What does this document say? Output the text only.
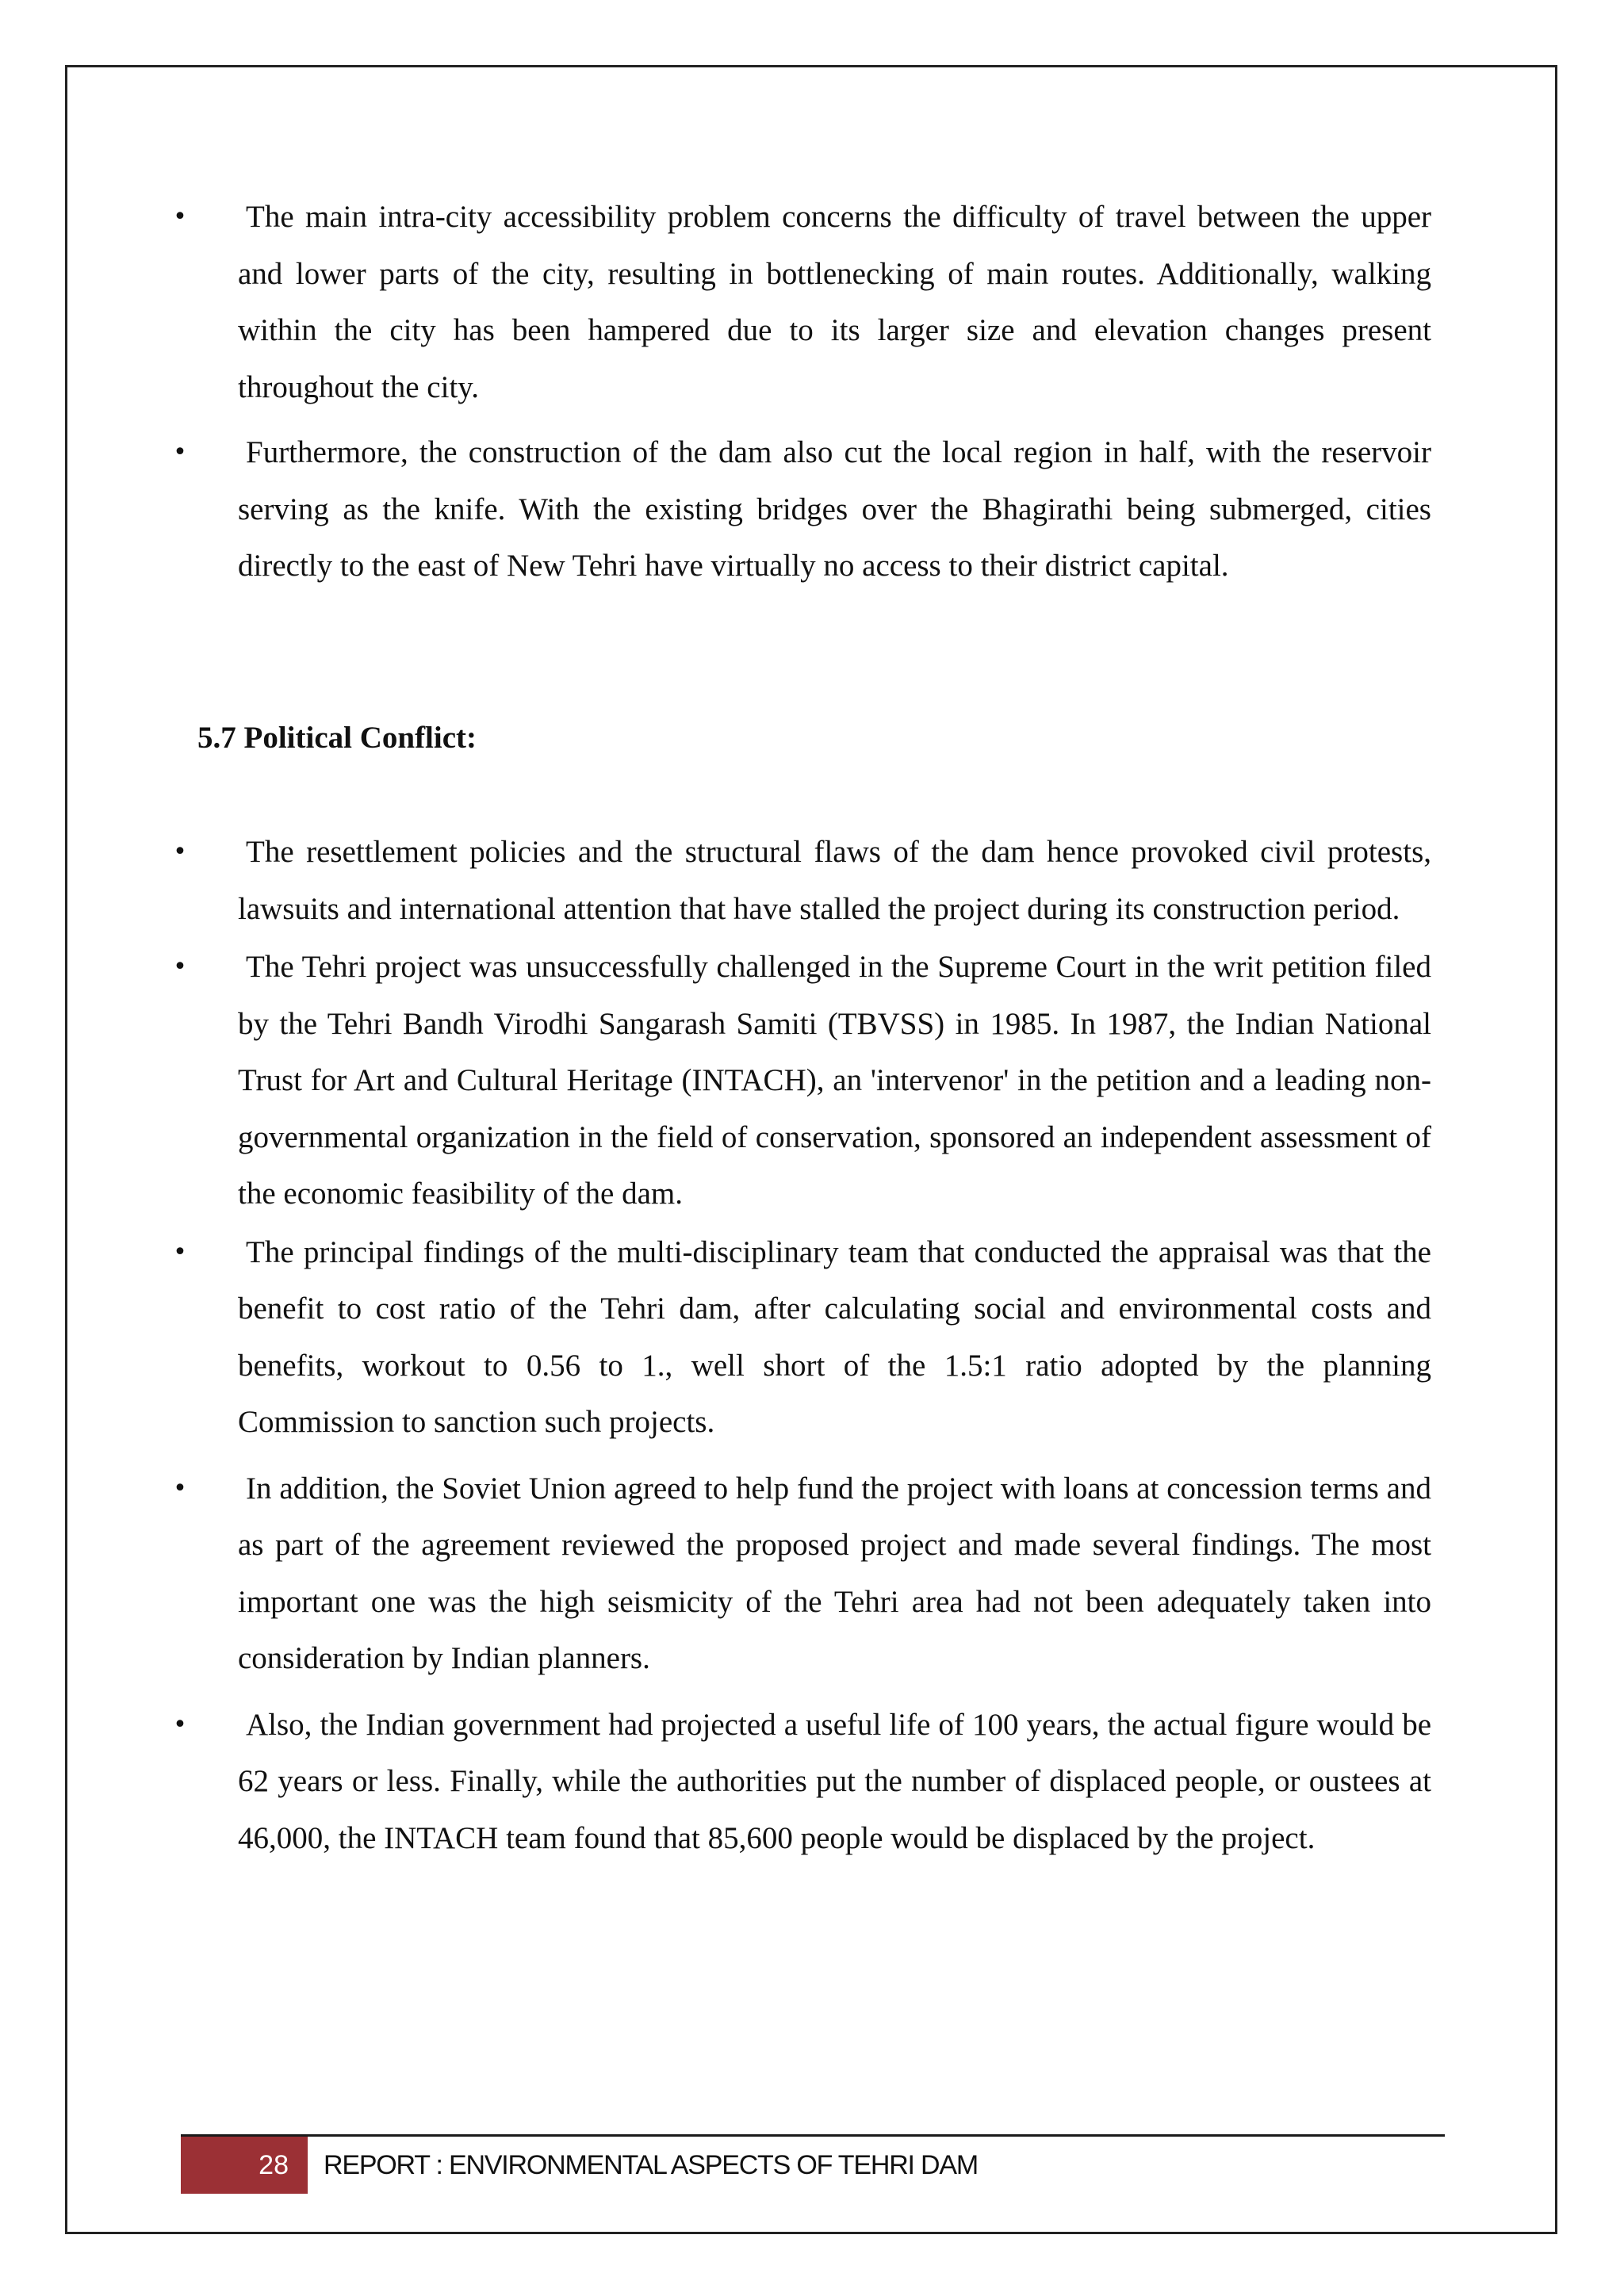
•	The main intra-city accessibility problem concerns the difficulty of travel between the upper and lower parts of the city, resulting in bottlenecking of main routes. Additionally, walking within the city has been hampered due to its larger size and elevation changes present throughout the city.
•	Furthermore, the construction of the dam also cut the local region in half, with the reservoir serving as the knife. With the existing bridges over the Bhagirathi being submerged, cities directly to the east of New Tehri have virtually no access to their district capital.
5.7 Political Conflict:
•	The resettlement policies and the structural flaws of the dam hence provoked civil protests, lawsuits and international attention that have stalled the project during its construction period.
•	The Tehri project was unsuccessfully challenged in the Supreme Court in the writ petition filed by the Tehri Bandh Virodhi Sangarash Samiti (TBVSS) in 1985. In 1987, the Indian National Trust for Art and Cultural Heritage (INTACH), an 'intervenor' in the petition and a leading non-governmental organization in the field of conservation, sponsored an independent assessment of the economic feasibility of the dam.
•	The principal findings of the multi-disciplinary team that conducted the appraisal was that the benefit to cost ratio of the Tehri dam, after calculating social and environmental costs and benefits, workout to 0.56 to 1., well short of the 1.5:1 ratio adopted by the planning Commission to sanction such projects.
•	In addition, the Soviet Union agreed to help fund the project with loans at concession terms and as part of the agreement reviewed the proposed project and made several findings. The most important one was the high seismicity of the Tehri area had not been adequately taken into consideration by Indian planners.
•	Also, the Indian government had projected a useful life of 100 years, the actual figure would be 62 years or less. Finally, while the authorities put the number of displaced people, or oustees at 46,000, the INTACH team found that 85,600 people would be displaced by the project.
28	REPORT : ENVIRONMENTAL ASPECTS OF TEHRI DAM
